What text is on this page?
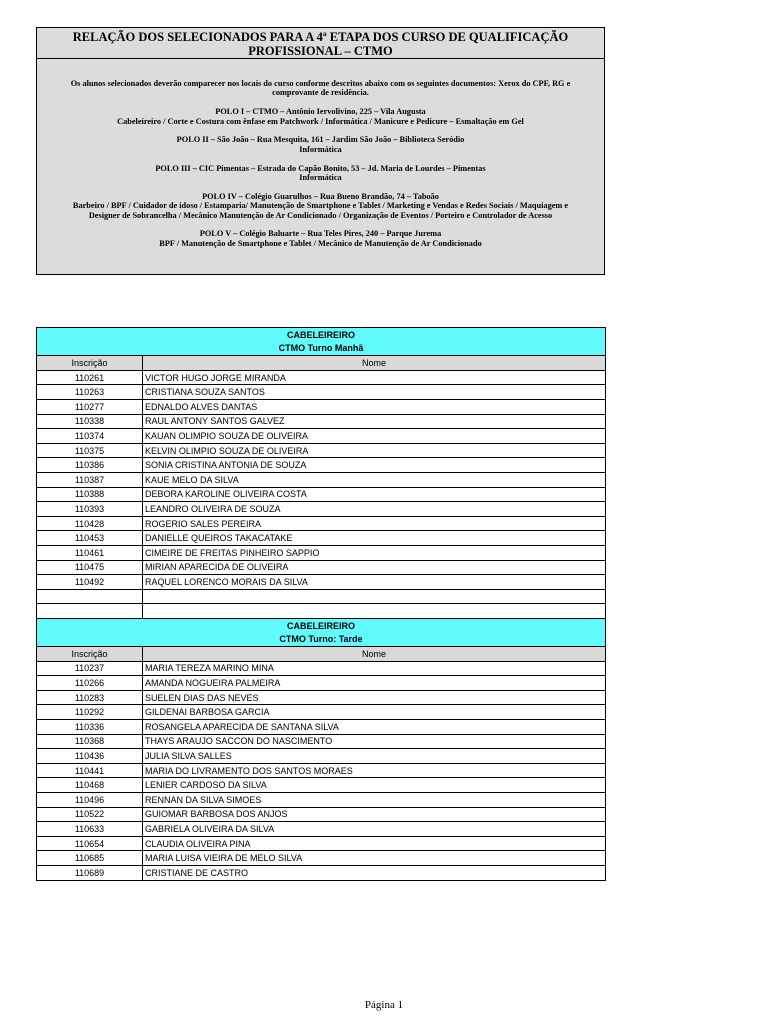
RELAÇÃO DOS SELECIONADOS PARA A 4ª ETAPA DOS CURSO DE QUALIFICAÇÃO
PROFISSIONAL – CTMO

Os alunos selecionados deverão comparecer nos locais do curso conforme descritos abaixo com os seguintes documentos: Xerox do CPF, RG e

comprovante de residência.

POLO I – CTMO – Antônio Iervolivino, 225 – Vila Augusta

Cabeleireiro / Corte e Costura com ênfase em Patchwork / Informática / Manicure e Pedicure – Esmaltação em Gel

POLO II – São João – Rua Mesquita, 161 – Jardim São João – Biblioteca Seródio

Informática

POLO III – CIC Pimentas – Estrada do Capão Bonito, 53 – Jd. Maria de Lourdes – Pimentas

Informática

POLO IV – Colégio Guarulhos – Rua Bueno Brandão, 74 – Taboão

Barbeiro / BPF / Cuidador de idoso / Estamparia/ Manutenção de Smartphone e Tablet / Marketing e Vendas e Redes Sociais / Maquiagem e

Designer de Sobrancelha / Mecânico Manutenção de Ar Condicionado / Organização de Eventos / Porteiro e Controlador de Acesso

POLO V – Colégio Baluarte – Rua Teles Pires, 240 – Parque Jurema

BPF / Manutenção de Smartphone e Tablet / Mecânico de Manutenção de Ar Condicionado

CABELEIREIRO	
CTMO Turno Manhã	
Inscrição	Nome
110261	VICTOR HUGO JORGE MIRANDA
110263	CRISTIANA SOUZA SANTOS
110277	EDNALDO ALVES DANTAS
110338	RAUL ANTONY SANTOS GALVEZ
110374	KAUAN OLIMPIO SOUZA DE OLIVEIRA
110375	KELVIN OLIMPIO SOUZA DE OLIVEIRA
110386	SONIA CRISTINA ANTONIA DE SOUZA
110387	KAUE MELO DA SILVA
110388	DEBORA KAROLINE OLIVEIRA COSTA
110393	LEANDRO OLIVEIRA DE SOUZA
110428	ROGERIO SALES PEREIRA
110453	DANIELLE QUEIROS TAKACATAKE
110461	CIMEIRE DE FREITAS PINHEIRO SAPPIO
110475	MIRIAN APARECIDA DE OLIVEIRA
110492	RAQUEL LORENCO MORAIS DA SILVA

CABELEIREIRO	
CTMO Turno: Tarde	
Inscrição	Nome
110237	MARIA TEREZA MARINO MINA
110266	AMANDA NOGUEIRA PALMEIRA
110283	SUELEN DIAS DAS NEVES
110292	GILDENAI BARBOSA GARCIA
110336	ROSANGELA APARECIDA DE SANTANA SILVA
110368	THAYS ARAUJO SACCON DO NASCIMENTO
110436	JULIA SILVA SALLES
110441	MARIA DO LIVRAMENTO DOS SANTOS MORAES
110468	LENIER CARDOSO DA SILVA
110496	RENNAN DA SILVA SIMOES
110522	GUIOMAR BARBOSA DOS ANJOS
110633	GABRIELA OLIVEIRA DA SILVA
110654	CLAUDIA OLIVEIRA PINA
110685	MARIA LUISA VIEIRA DE MELO SILVA
110689	CRISTIANE DE CASTRO
Página 1
